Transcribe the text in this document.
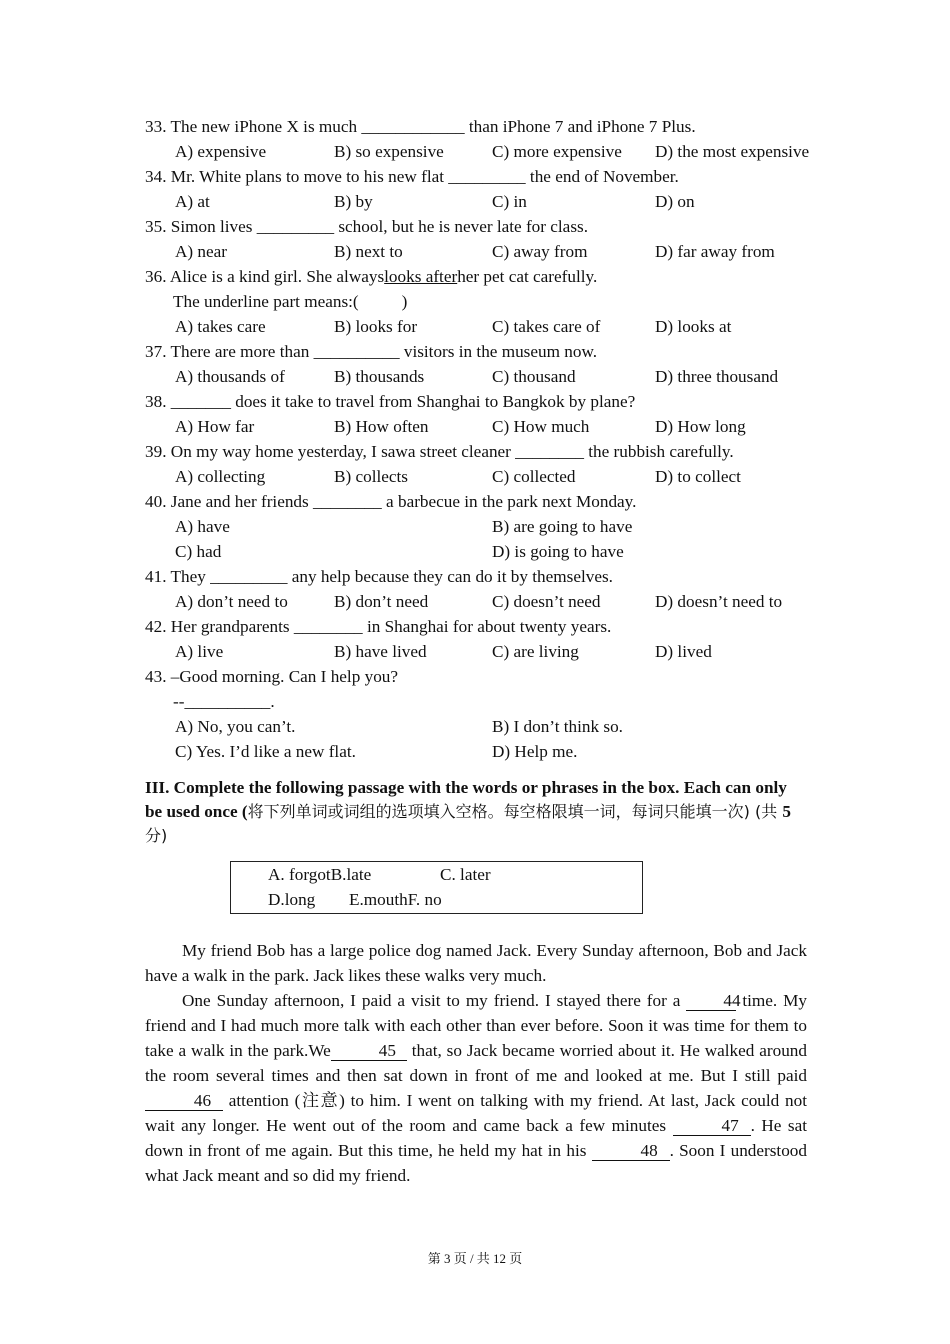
33. The new iPhone X is much ____________ than iPhone 7 and iPhone 7 Plus.
A) expensive	B) so expensive	C) more expensive D) the most expensive
34. Mr. White plans to move to his new flat _________ the end of November.
A) at	B) by	C) in	D) on
35. Simon lives _________ school, but he is never late for class.
A) near	B) next to	C) away from	D) far away from
36. Alice is a kind girl. She alwayslooks afterher pet cat carefully.
The underline part means:(          )
A) takes care	B) looks for	C) takes care of	D) looks at
37. There are more than __________ visitors in the museum now.
A) thousands of	B) thousands	C) thousand	D) three thousand
38. _______ does it take to travel from Shanghai to Bangkok by plane?
A) How far	B) How often	C) How much	D) How long
39. On my way home yesterday, I sawa street cleaner ________ the rubbish carefully.
A) collecting	B) collects	C) collected	D) to collect
40. Jane and her friends ________ a barbecue in the park next Monday.
A) have	B) are going to have
C) had	D) is going to have
41. They _________ any help because they can do it by themselves.
A) don’t need to	B) don’t need	C) doesn’t need	D) doesn’t need to
42. Her grandparents ________ in Shanghai for about twenty years.
A) live	B) have lived	C) are living	D) lived
43. –Good morning. Can I help you?
--__________.
A) No, you can’t.	B) I don’t think so.
C) Yes. I’d like a new flat.	D) Help me.
III. Complete the following passage with the words or phrases in the box. Each can only be used once (将下列单词或词组的选项填入空格。每空格限填一词，每词只能填一次) (共 5 分)
A. forgotB.late	C. later
D.long E.mouthF. no
My friend Bob has a large police dog named Jack. Every Sunday afternoon, Bob and Jack have a walk in the park. Jack likes these walks very much.
One Sunday afternoon, I paid a visit to my friend. I stayed there for a 44 time. My friend and I had much more talk with each other than ever before. Soon it was time for them to take a walk in the park.We	45 that, so Jack became worried about it. He walked around the room several times and then sat down in front of me and looked at me. But I still paid 46 attention (注意) to him. I went on talking with my friend. At last, Jack could not wait any longer. He went out of the room and came back a few minutes	47 . He sat down in front of me again. But this time, he held my hat in his	48 . Soon I understood what Jack meant and so did my friend.
第 3 页 / 共 12 页
